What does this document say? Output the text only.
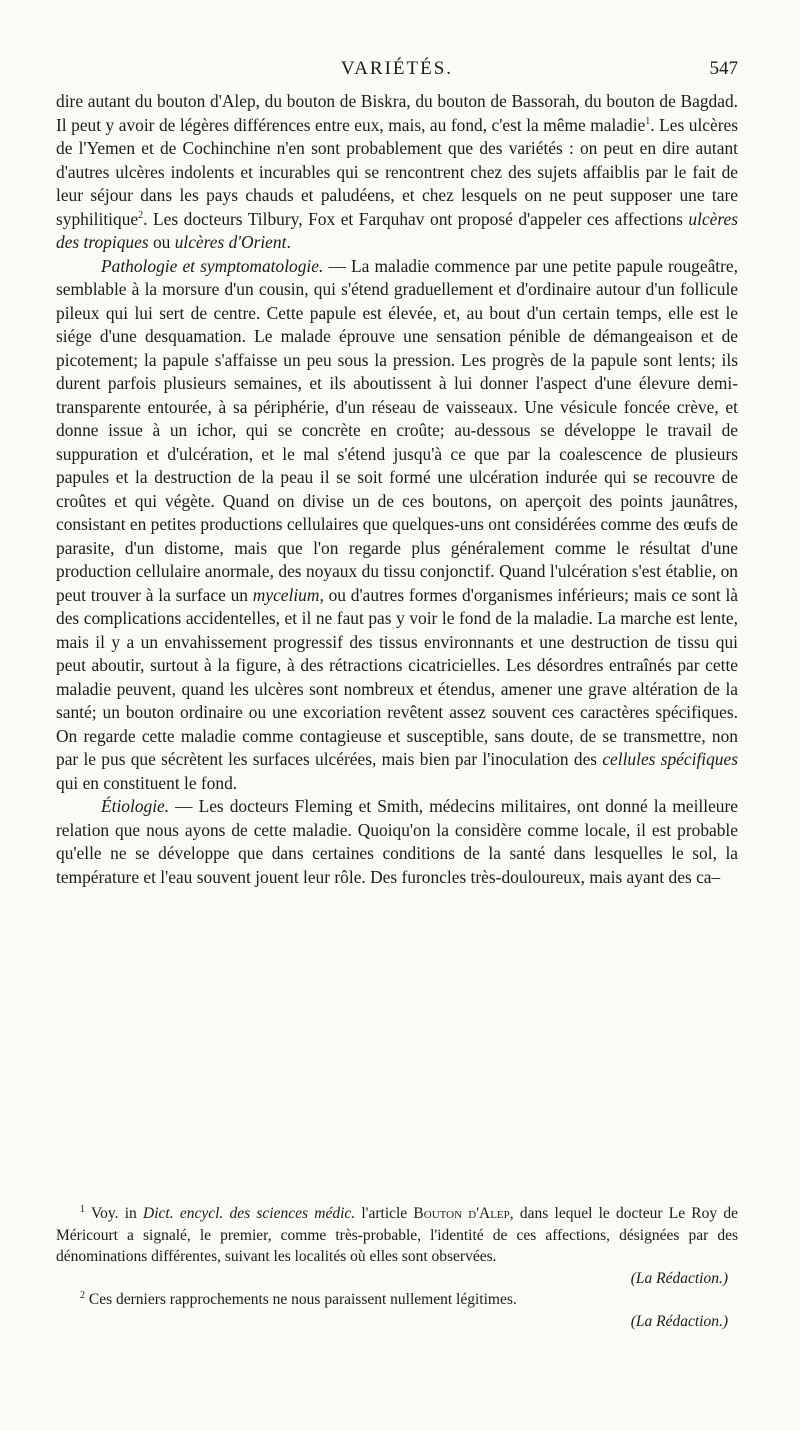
VARIÉTÉS.	547

dire autant du bouton d'Alep, du bouton de Biskra, du bouton de Bassorah, du bouton de Bagdad. Il peut y avoir de légères différences entre eux, mais, au fond, c'est la même maladie$^1$. Les ulcères de l'Yemen et de Cochinchine n'en sont probablement que des variétés : on peut en dire autant d'autres ulcères indolents et incurables qui se rencontrent chez des sujets affaiblis par le fait de leur séjour dans les pays chauds et paludéens, et chez lesquels on ne peut supposer une tare syphilitique$^2$. Les docteurs Tilbury, Fox et Farquhav ont proposé d'appeler ces affections ulcères des tropiques ou ulcères d'Orient.

Pathologie et symptomatologie. — La maladie commence par une petite papule rougeâtre, semblable à la morsure d'un cousin, qui s'étend graduellement et d'ordinaire autour d'un follicule pileux qui lui sert de centre. Cette papule est élevée, et, au bout d'un certain temps, elle est le siége d'une desquamation. Le malade éprouve une sensation pénible de démangeaison et de picotement; la papule s'affaisse un peu sous la pression. Les progrès de la papule sont lents; ils durent parfois plusieurs semaines, et ils aboutissent à lui donner l'aspect d'une élevure demi-transparente entourée, à sa périphérie, d'un réseau de vaisseaux. Une vésicule foncée crève, et donne issue à un ichor, qui se concrète en croûte; au-dessous se développe le travail de suppuration et d'ulcération, et le mal s'étend jusqu'à ce que par la coalescence de plusieurs papules et la destruction de la peau il se soit formé une ulcération indurée qui se recouvre de croûtes et qui végète. Quand on divise un de ces boutons, on aperçoit des points jaunâtres, consistant en petites productions cellulaires que quelques-uns ont considérées comme des œufs de parasite, d'un distome, mais que l'on regarde plus généralement comme le résultat d'une production cellulaire anormale, des noyaux du tissu conjonctif. Quand l'ulcération s'est établie, on peut trouver à la surface un mycelium, ou d'autres formes d'organismes inférieurs; mais ce sont là des complications accidentelles, et il ne faut pas y voir le fond de la maladie. La marche est lente, mais il y a un envahissement progressif des tissus environnants et une destruction de tissu qui peut aboutir, surtout à la figure, à des rétractions cicatricielles. Les désordres entraînés par cette maladie peuvent, quand les ulcères sont nombreux et étendus, amener une grave altération de la santé; un bouton ordinaire ou une excoriation revêtent assez souvent ces caractères spécifiques. On regarde cette maladie comme contagieuse et susceptible, sans doute, de se transmettre, non par le pus que sécrètent les surfaces ulcérées, mais bien par l'inoculation des cellules spécifiques qui en constituent le fond.

Étiologie. — Les docteurs Fleming et Smith, médecins militaires, ont donné la meilleure relation que nous ayons de cette maladie. Quoiqu'on la considère comme locale, il est probable qu'elle ne se développe que dans certaines conditions de la santé dans lesquelles le sol, la température et l'eau souvent jouent leur rôle. Des furoncles très-douloureux, mais ayant des ca–

$^1$ Voy. in Dict. encycl. des sciences médic. l'article Bouton d'Alep, dans lequel le docteur Le Roy de Méricourt a signalé, le premier, comme très-probable, l'identité de ces affections, désignées par des dénominations différentes, suivant les localités où elles sont observées.

(La Rédaction.)

$^2$ Ces derniers rapprochements ne nous paraissent nullement légitimes.

(La Rédaction.)
